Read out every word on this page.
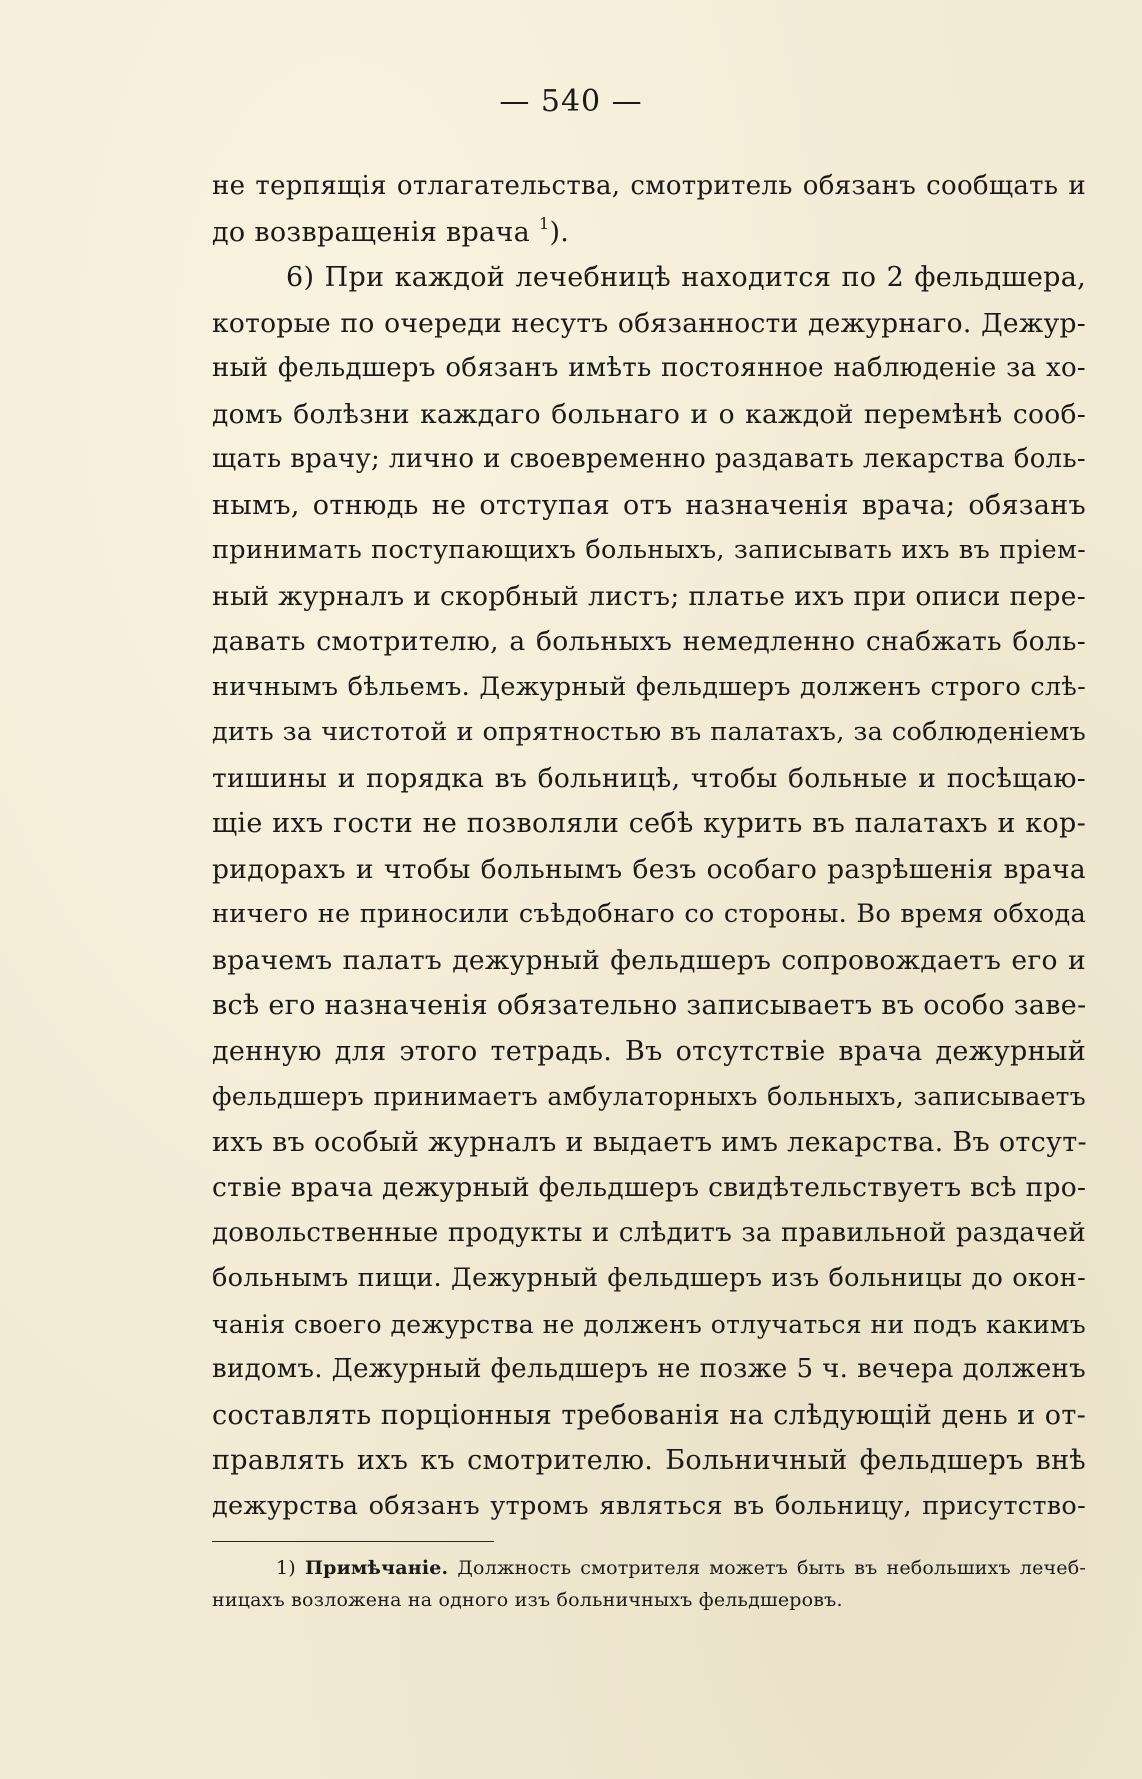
— 540 —
не терпящія отлагательства, смотритель обязанъ сообщать и
до возвращенія врача $^1$).
6) При каждой лечебницѣ находится по 2 фельдшера,
которые по очереди несутъ обязанности дежурнаго. Дежур-
ный фельдшеръ обязанъ имѣть постоянное наблюденіе за хо-
домъ болѣзни каждаго больнаго и о каждой перемѣнѣ сооб-
щать врачу; лично и своевременно раздавать лекарства боль-
нымъ, отнюдь не отступая отъ назначенія врача; обязанъ
принимать поступающихъ больныхъ, записывать ихъ въ пріем-
ный журналъ и скорбный листъ; платье ихъ при описи пере-
давать смотрителю, а больныхъ немедленно снабжать боль-
ничнымъ бѣльемъ. Дежурный фельдшеръ долженъ строго слѣ-
дить за чистотой и опрятностью въ палатахъ, за соблюденіемъ
тишины и порядка въ больницѣ, чтобы больные и посѣщаю-
щіе ихъ гости не позволяли себѣ курить въ палатахъ и кор-
ридорахъ и чтобы больнымъ безъ особаго разрѣшенія врача
ничего не приносили съѣдобнаго со стороны. Во время обхода
врачемъ палатъ дежурный фельдшеръ сопровождаетъ его и
всѣ его назначенія обязательно записываетъ въ особо заве-
денную для этого тетрадь. Въ отсутствіе врача дежурный
фельдшеръ принимаетъ амбулаторныхъ больныхъ, записываетъ
ихъ въ особый журналъ и выдаетъ имъ лекарства. Въ отсут-
ствіе врача дежурный фельдшеръ свидѣтельствуетъ всѣ про-
довольственные продукты и слѣдитъ за правильной раздачей
больнымъ пищи. Дежурный фельдшеръ изъ больницы до окон-
чанія своего дежурства не долженъ отлучаться ни подъ какимъ
видомъ. Дежурный фельдшеръ не позже 5 ч. вечера долженъ
составлять порціонныя требованія на слѣдующій день и от-
правлять ихъ къ смотрителю. Больничный фельдшеръ внѣ
дежурства обязанъ утромъ являться въ больницу, присутство-
1) Примѣчаніе. Должность смотрителя можетъ быть въ небольшихъ лечеб-
ницахъ возложена на одного изъ больничныхъ фельдшеровъ.
